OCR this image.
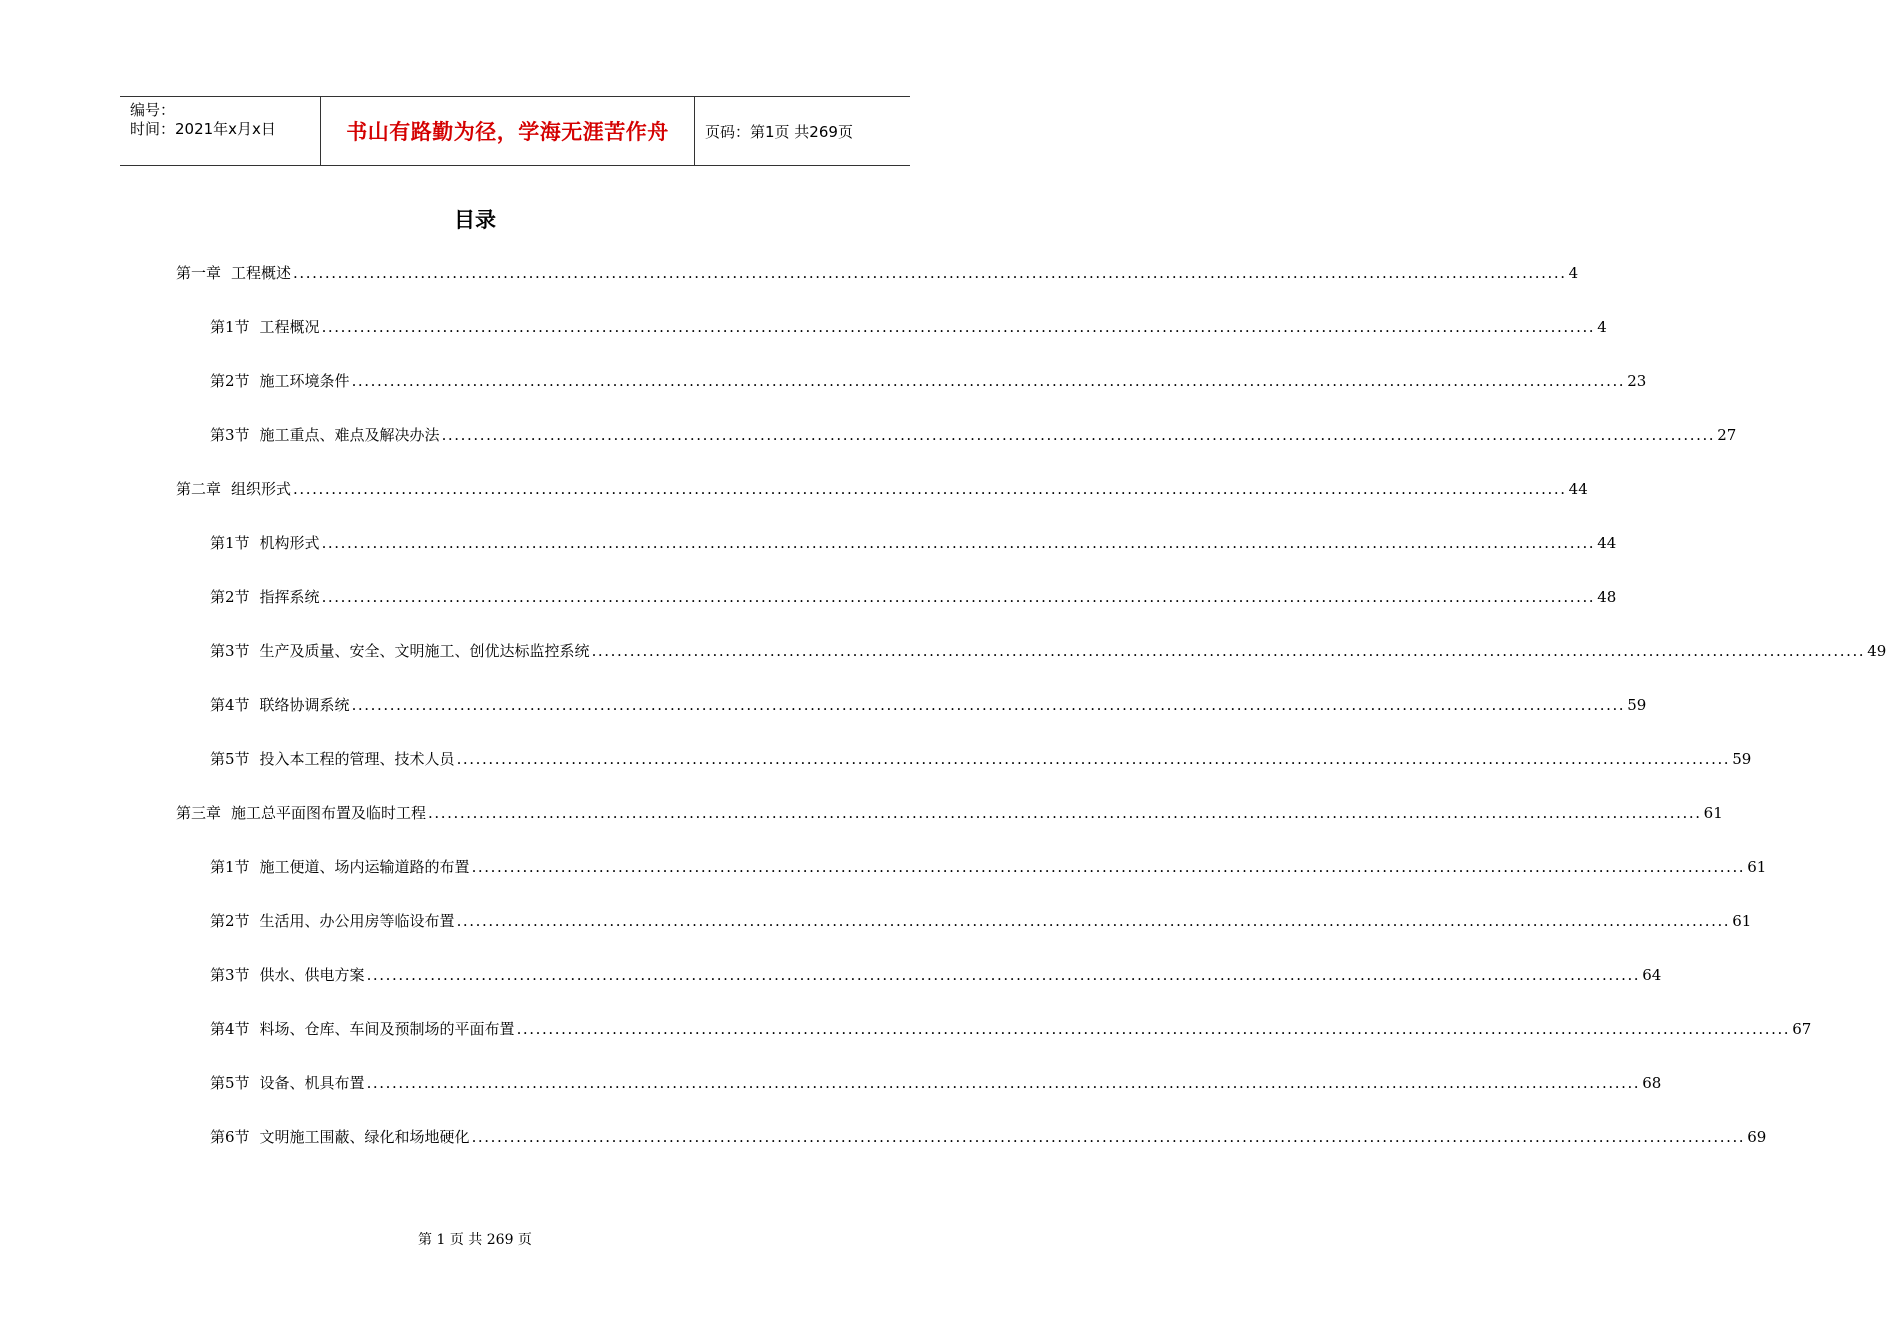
编号：
时间：2021年x月x日	书山有路勤为径，学海无涯苦作舟	页码：第1页 共269页
目录
第一章 工程概述 ........................................................................................................................................................................................................ 4
第1节 工程概况 ........................................................................................................................................................................................................ 4
第2节 施工环境条件 ........................................................................................................................................................................................................ 23
第3节 施工重点、难点及解决办法 ........................................................................................................................................................................................................ 27
第二章 组织形式 ........................................................................................................................................................................................................ 44
第1节 机构形式 ........................................................................................................................................................................................................ 44
第2节 指挥系统 ........................................................................................................................................................................................................ 48
第3节 生产及质量、安全、文明施工、创优达标监控系统 ........................................................................................................................................................................................................ 49
第4节 联络协调系统 ........................................................................................................................................................................................................ 59
第5节 投入本工程的管理、技术人员 ........................................................................................................................................................................................................ 59
第三章 施工总平面图布置及临时工程 ........................................................................................................................................................................................................ 61
第1节 施工便道、场内运输道路的布置 ........................................................................................................................................................................................................ 61
第2节 生活用、办公用房等临设布置 ........................................................................................................................................................................................................ 61
第3节 供水、供电方案 ........................................................................................................................................................................................................ 64
第4节 料场、仓库、车间及预制场的平面布置 ........................................................................................................................................................................................................ 67
第5节 设备、机具布置 ........................................................................................................................................................................................................ 68
第6节 文明施工围蔽、绿化和场地硬化 ........................................................................................................................................................................................................ 69
第 1 页 共 269 页
